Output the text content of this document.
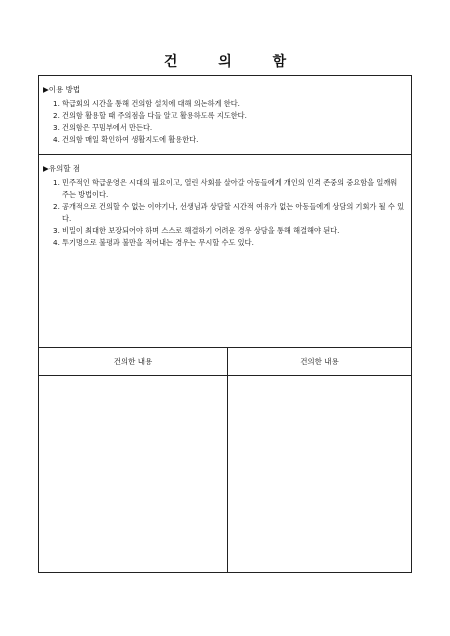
건 의 함
▶이용 방법
1. 학급회의 시간을 통해 건의함 설치에 대해 의논하게 한다.
2. 건의함 활용할 때 주의점을 다들 알고 활용하도록 지도한다.
3. 건의함은 꾸밈부에서 만든다.
4. 건의함 매일 확인하여 생활지도에 활용한다.
▶유의할 점
1. 민주적인 학급운영은 시대의 필요이고, 열린 사회를 살아갈 아동들에게 개인의 인격 존중의 중요함을 일깨워 주는 방법이다.
2. 공개적으로 건의할 수 없는 이야기나, 선생님과 상담할 시간적 여유가 없는 아동들에게 상담의 기회가 될 수 있다.
3. 비밀이 최대한 보장되어야 하며 스스로 해결하기 어려운 경우 상담을 통해 해결해야 된다.
4. 투기명으로 불평과 불만을 적어내는 경우는 무시할 수도 있다.
건의한 내용	건의한 내용
